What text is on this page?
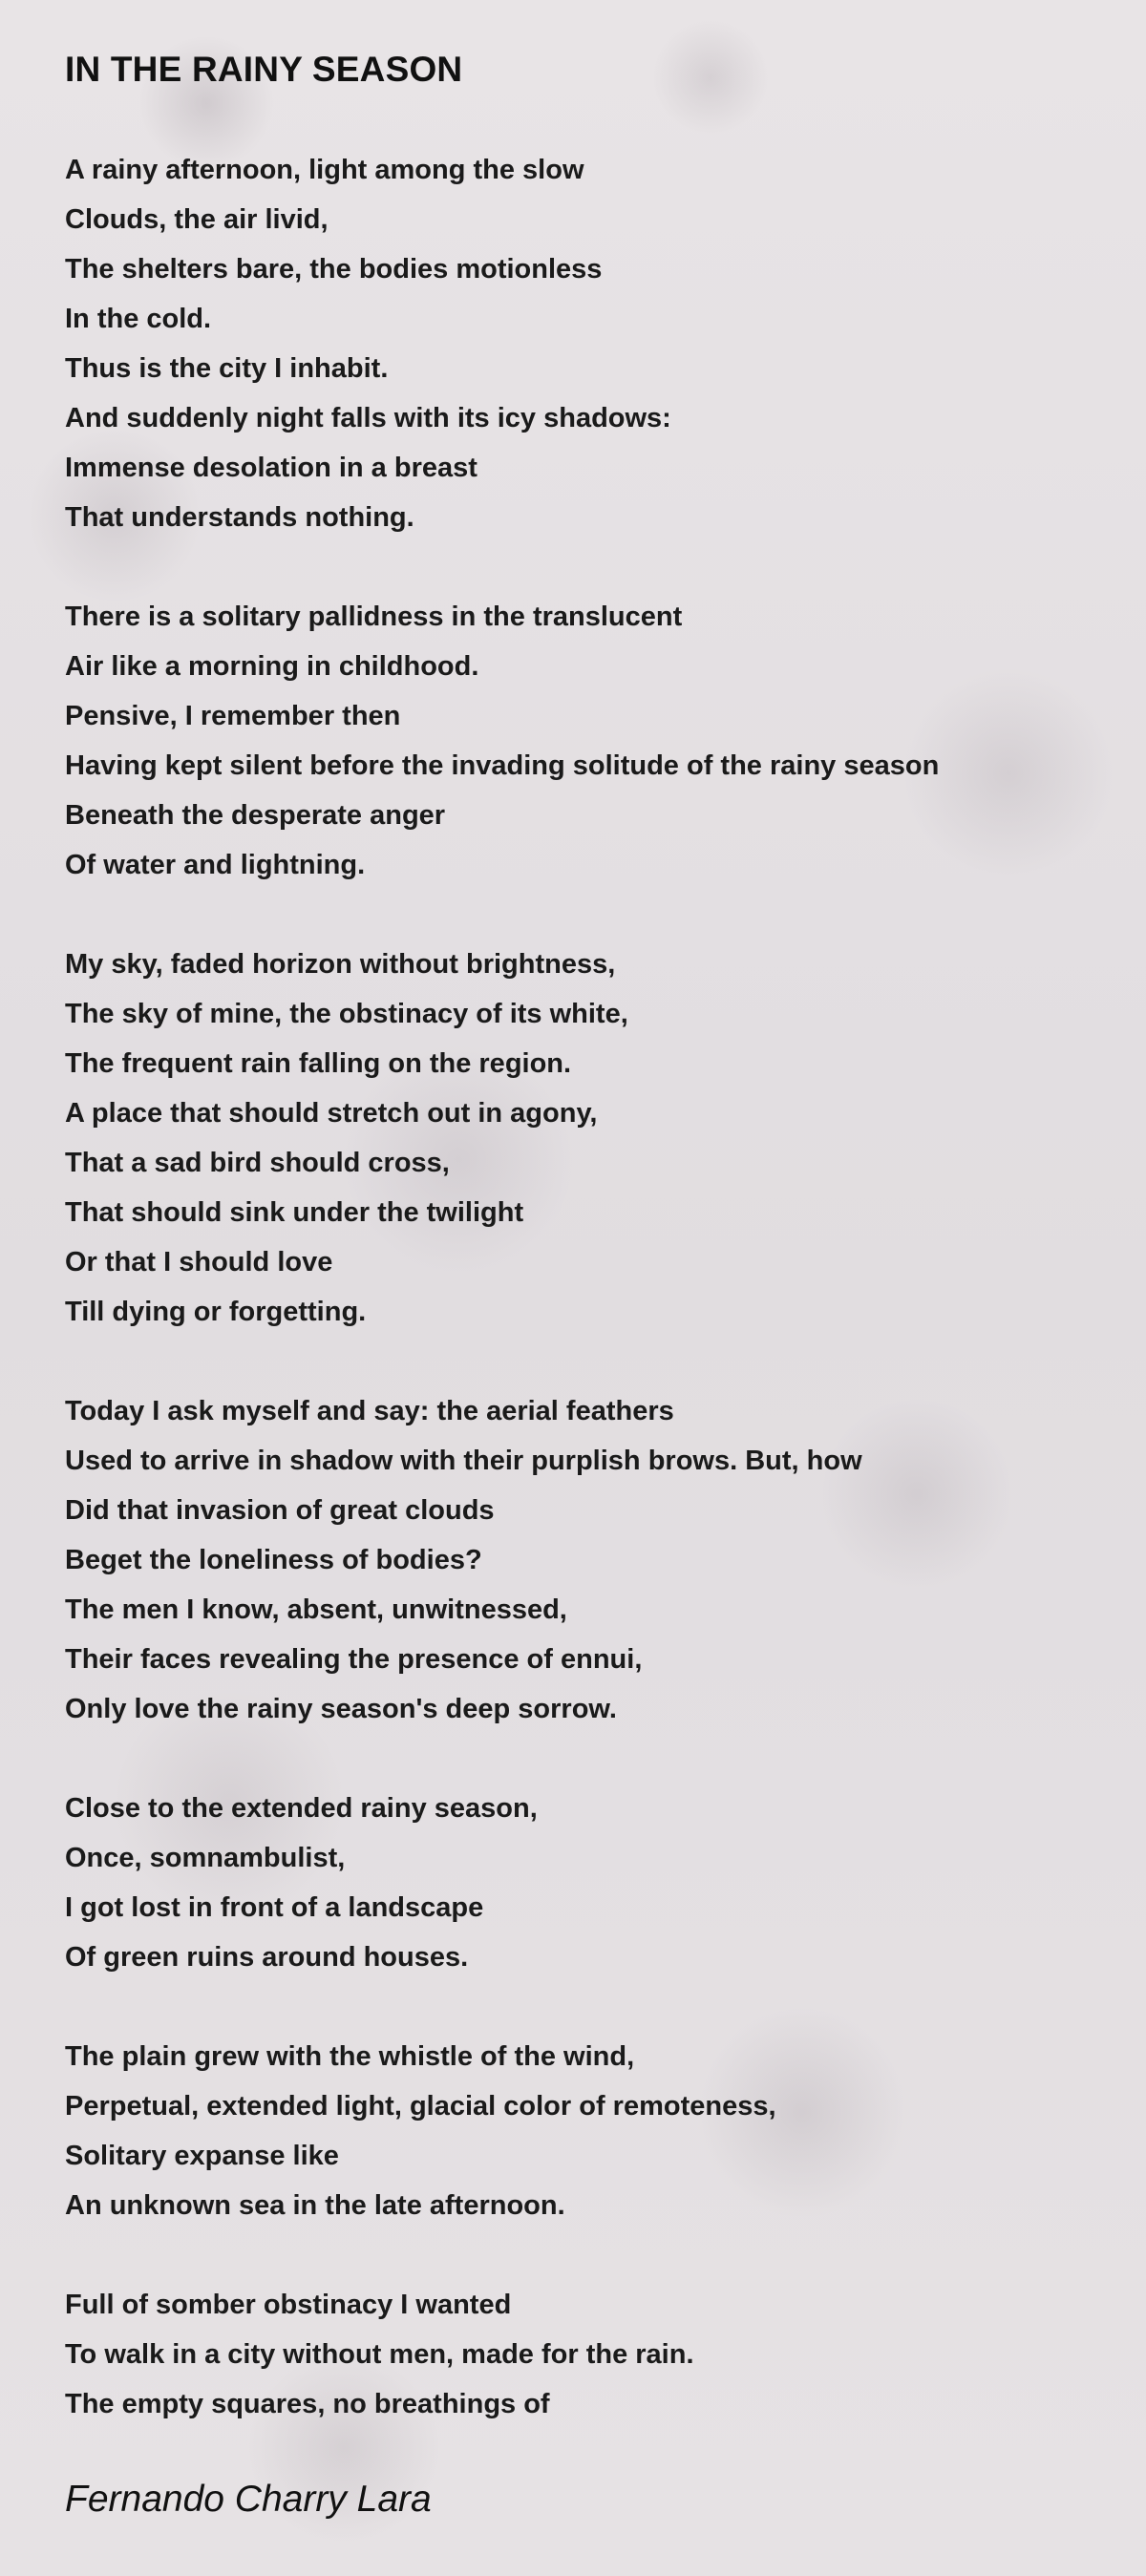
IN THE RAINY SEASON

A rainy afternoon, light among the slow
Clouds, the air livid,
The shelters bare, the bodies motionless
In the cold.
Thus is the city I inhabit.
And suddenly night falls with its icy shadows:
Immense desolation in a breast
That understands nothing.

There is a solitary pallidness in the translucent
Air like a morning in childhood.
Pensive, I remember then
Having kept silent before the invading solitude of the rainy season
Beneath the desperate anger
Of water and lightning.

My sky, faded horizon without brightness,
The sky of mine, the obstinacy of its white,
The frequent rain falling on the region.
A place that should stretch out in agony,
That a sad bird should cross,
That should sink under the twilight
Or that I should love
Till dying or forgetting.

Today I ask myself and say: the aerial feathers
Used to arrive in shadow with their purplish brows. But, how
Did that invasion of great clouds
Beget the loneliness of bodies?
The men I know, absent, unwitnessed,
Their faces revealing the presence of ennui,
Only love the rainy season's deep sorrow.

Close to the extended rainy season,
Once, somnambulist,
I got lost in front of a landscape
Of green ruins around houses.

The plain grew with the whistle of the wind,
Perpetual, extended light, glacial color of remoteness,
Solitary expanse like
An unknown sea in the late afternoon.

Full of somber obstinacy I wanted
To walk in a city without men, made for the rain.
The empty squares, no breathings of

Fernando Charry Lara
